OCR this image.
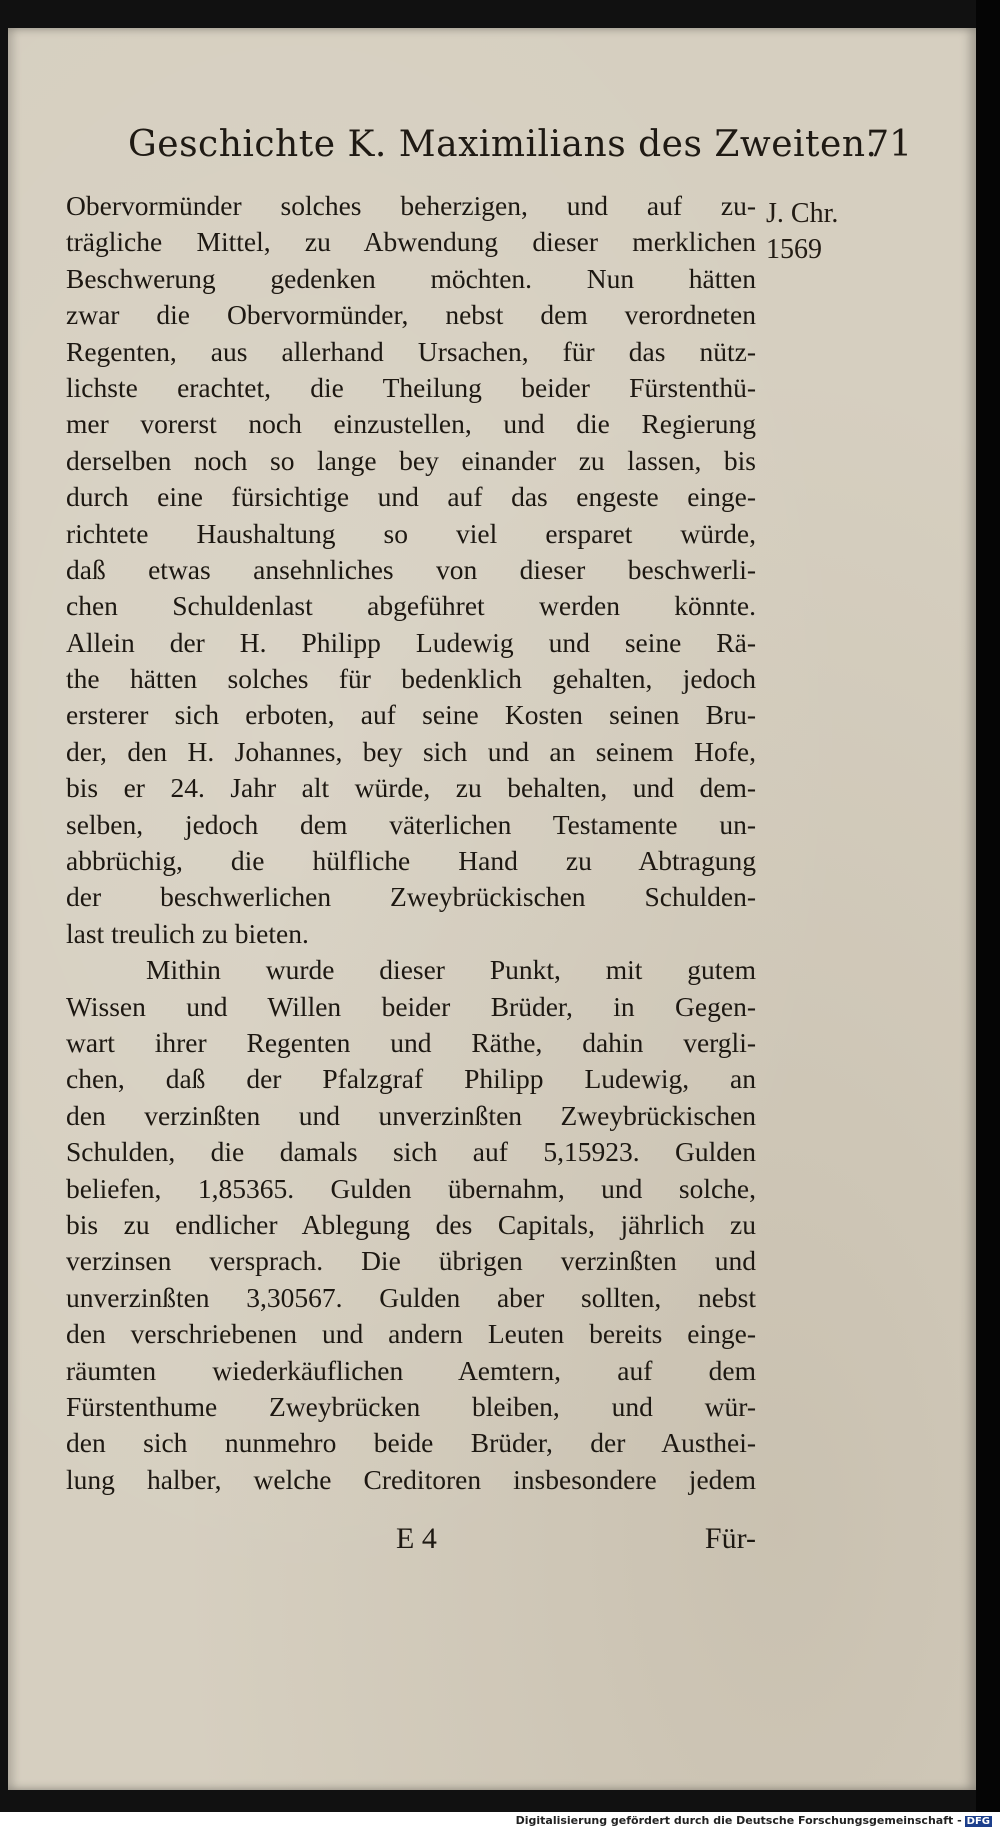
Geschichte K. Maximilians des Zweiten.
71
J. Chr.
1569
Obervormünder solches beherzigen, und auf zu-
trägliche Mittel, zu Abwendung dieser merklichen
Beschwerung gedenken möchten. Nun hätten
zwar die Obervormünder, nebst dem verordneten
Regenten, aus allerhand Ursachen, für das nütz-
lichste erachtet, die Theilung beider Fürstenthü-
mer vorerst noch einzustellen, und die Regierung
derselben noch so lange bey einander zu lassen, bis
durch eine fürsichtige und auf das engeste einge-
richtete Haushaltung so viel ersparet würde,
daß etwas ansehnliches von dieser beschwerli-
chen Schuldenlast abgeführet werden könnte.
Allein der H. Philipp Ludewig und seine Rä-
the hätten solches für bedenklich gehalten, jedoch
ersterer sich erboten, auf seine Kosten seinen Bru-
der, den H. Johannes, bey sich und an seinem Hofe,
bis er 24. Jahr alt würde, zu behalten, und dem-
selben, jedoch dem väterlichen Testamente un-
abbrüchig, die hülfliche Hand zu Abtragung
der beschwerlichen Zweybrückischen Schulden-
last treulich zu bieten.
Mithin wurde dieser Punkt, mit gutem
Wissen und Willen beider Brüder, in Gegen-
wart ihrer Regenten und Räthe, dahin vergli-
chen, daß der Pfalzgraf Philipp Ludewig, an
den verzinßten und unverzinßten Zweybrückischen
Schulden, die damals sich auf 5,15923. Gulden
beliefen, 1,85365. Gulden übernahm, und solche,
bis zu endlicher Ablegung des Capitals, jährlich zu
verzinsen versprach. Die übrigen verzinßten und
unverzinßten 3,30567. Gulden aber sollten, nebst
den verschriebenen und andern Leuten bereits einge-
räumten wiederkäuflichen Aemtern, auf dem
Fürstenthume Zweybrücken bleiben, und wür-
den sich nunmehro beide Brüder, der Austhei-
lung halber, welche Creditoren insbesondere jedem
E 4	Für-
Digitalisierung gefördert durch die Deutsche Forschungsgemeinschaft - DFG
